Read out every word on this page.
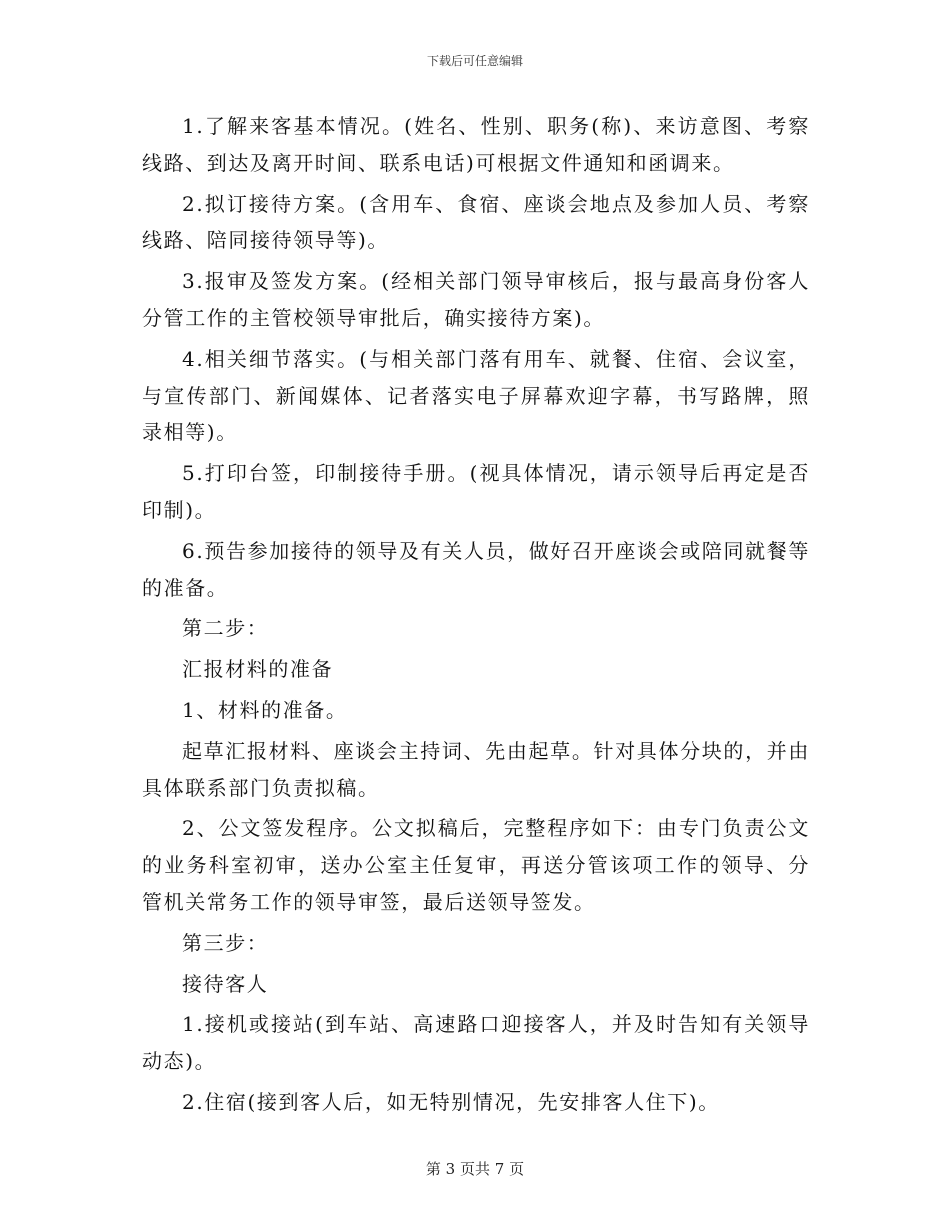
下载后可任意编辑

1.了解来客基本情况。(姓名、性别、职务(称)、来访意图、考察线路、到达及离开时间、联系电话)可根据文件通知和函调来。

2.拟订接待方案。(含用车、食宿、座谈会地点及参加人员、考察线路、陪同接待领导等)。

3.报审及签发方案。(经相关部门领导审核后，报与最高身份客人分管工作的主管校领导审批后，确实接待方案)。

4.相关细节落实。(与相关部门落有用车、就餐、住宿、会议室，与宣传部门、新闻媒体、记者落实电子屏幕欢迎字幕，书写路牌，照录相等)。

5.打印台签，印制接待手册。(视具体情况，请示领导后再定是否印制)。

6.预告参加接待的领导及有关人员，做好召开座谈会或陪同就餐等的准备。

第二步：

汇报材料的准备

1、材料的准备。

起草汇报材料、座谈会主持词、先由起草。针对具体分块的，并由具体联系部门负责拟稿。

2、公文签发程序。公文拟稿后，完整程序如下：由专门负责公文的业务科室初审，送办公室主任复审，再送分管该项工作的领导、分管机关常务工作的领导审签，最后送领导签发。

第三步：

接待客人

1.接机或接站(到车站、高速路口迎接客人，并及时告知有关领导动态)。

2.住宿(接到客人后，如无特别情况，先安排客人住下)。

第 3 页共 7 页
